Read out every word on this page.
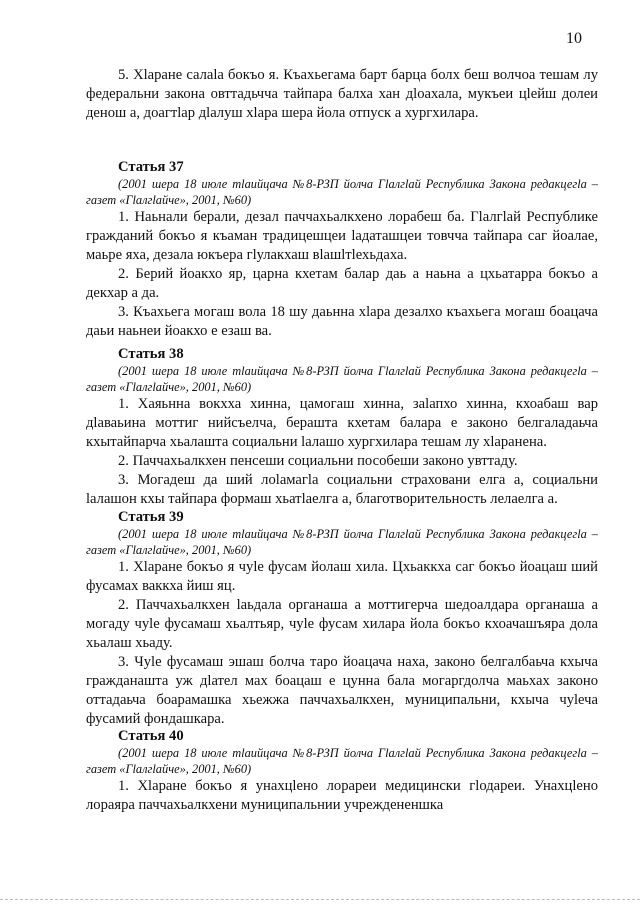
10

5. Хlаране салаlа бокъо я. Къахьегама барт барца болх беш волчоа тешам лу федеральни закона овттадьчча тайпара балха хан дlоахала, мукъеи цlейш долеи денош а, доагтlар дlалуш хlара шера йола отпуск а хургхилара.

Статья 37

(2001 шера 18 июле тlаийцача №8-РЗП йолча Гlалгlай Республика Закона редакцегlа – газет «Гlалгlайче», 2001, №60)

1. Наьнали берали, дезал паччахьалкхено лорабеш ба. Гlалгlай Республике гражданий бокъо я къаман традицешцеи lадаташцеи товчча тайпара саг йоалае, маьре яха, дезала юкъера гlулакхаш вlашlтlехьдаха.

2. Берий йоакхо яр, царна кхетам балар даь а наьна а цхьатарра бокъо а декхар а да.

3. Къахьега могаш вола 18 шу даьнна хlара дезалхо къахьега могаш боацача даьи наьнеи йоакхо е езаш ва.

Статья 38

(2001 шера 18 июле тlаийцача №8-РЗП йолча Гlалгlай Республика Закона редакцегlа – газет «Гlалгlайче», 2001, №60)

1. Хаяьнна вокхха хинна, цамогаш хинна, заlапхо хинна, кхоабаш вар дlаваьина моттиг нийсъелча, берашта кхетам балара е законо белгаладаьча кхытайпарча хьалашта социальни lалашо хургхилара тешам лу хlаранена.

2. Паччахьалкхен пенсеши социальни пособеши законо увттаду.

3. Могадеш да ший лоlамагlа социальни страховани елга а, социальни lалашон кхы тайпара формаш хьатlаелга а, благотворительность лелаелга а.

Статья 39

(2001 шера 18 июле тlаийцача №8-РЗП йолча Гlалгlай Республика Закона редакцегlа – газет «Гlалгlайче», 2001, №60)

1. Хlаране бокъо я чуlе фусам йолаш хила. Цхьаккха саг бокъо йоацаш ший фусамах ваккха йиш яц.

2. Паччахьалкхен lаьдала органаша а моттигерча шедоалдара органаша а могаду чуlе фусамаш хьалтьяр, чуlе фусам хилара йола бокъо кхоачашъяра дола хьалаш хьаду.

3. Чуlе фусамаш эшаш болча таро йоацача наха, законо белгалбаьча кхыча гражданашта уж дlател мах боацаш е цунна бала могаргдолча маьхах законо оттадаьча боарамашка хьежжа паччахьалкхен, муниципальни, кхыча чуlеча фусамий фондашкара.

Статья 40

(2001 шера 18 июле тlаийцача №8-РЗП йолча Гlалгlай Республика Закона редакцегlа – газет «Гlалгlайче», 2001, №60)

1. Хlаране бокъо я унахцlено лорареи медицински гlодареи. Унахцlено лораяра паччахьалкхени муниципальнии учреждененшка
